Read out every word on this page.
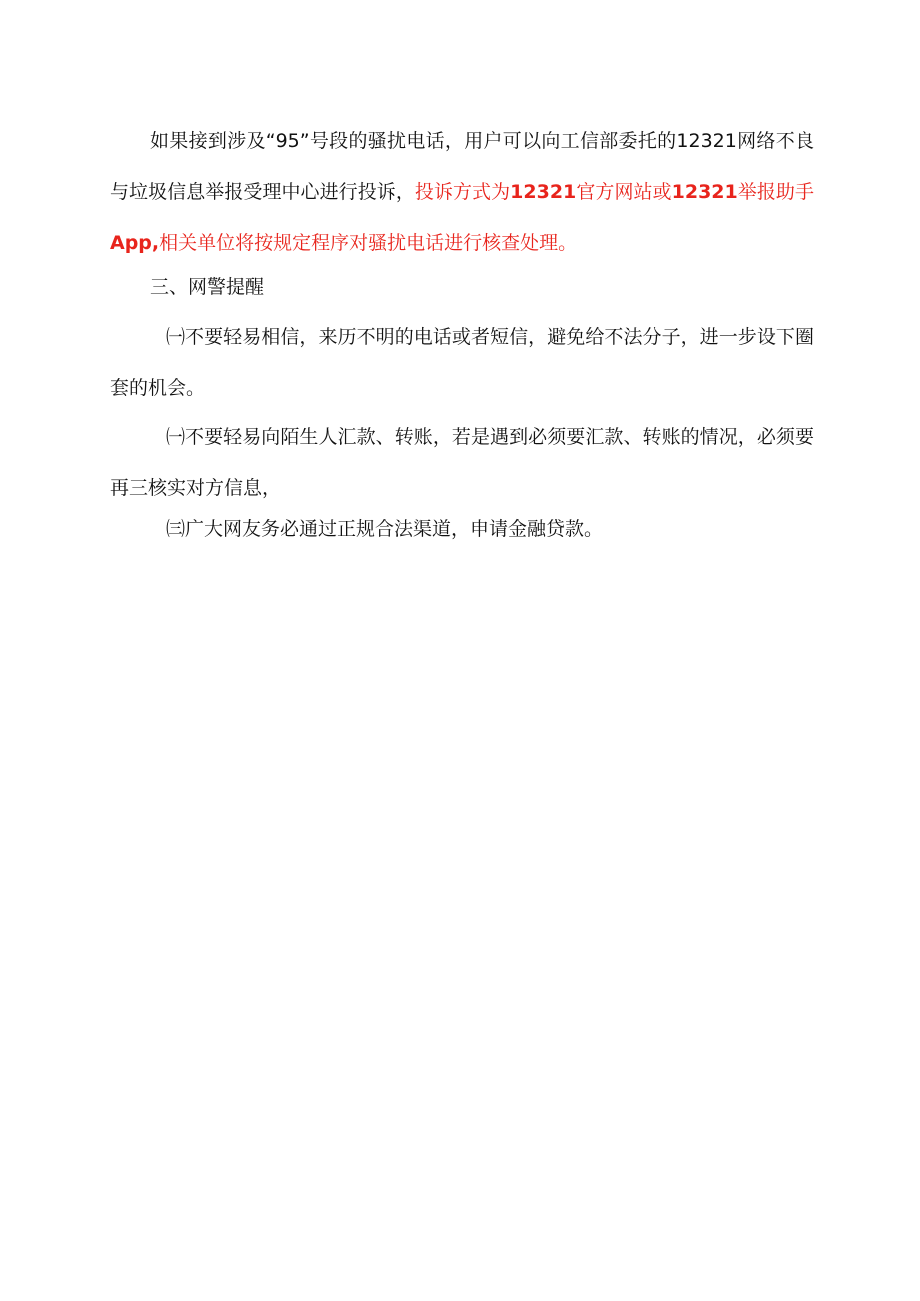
如果接到涉及“95”号段的骚扰电话，用户可以向工信部委托的12321网络不良与垃圾信息举报受理中心进行投诉，投诉方式为12321官方网站或12321举报助手App,相关单位将按规定程序对骚扰电话进行核查处理。

三、网警提醒

㈠不要轻易相信，来历不明的电话或者短信，避免给不法分子，进一步设下圈套的机会。

㈠不要轻易向陌生人汇款、转账，若是遇到必须要汇款、转账的情况，必须要再三核实对方信息，

㈢广大网友务必通过正规合法渠道，申请金融贷款。
